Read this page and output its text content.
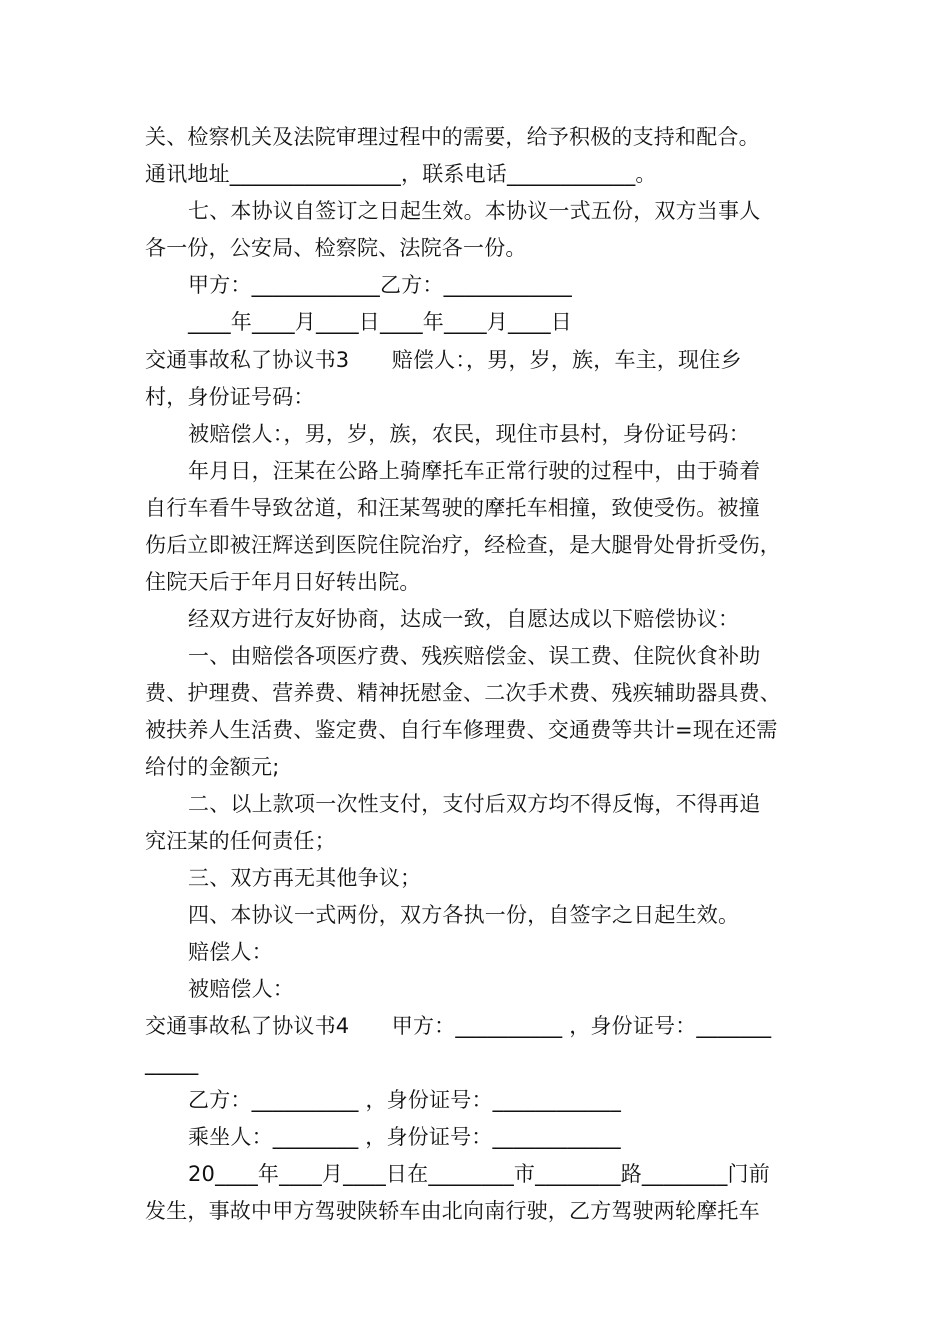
关、检察机关及法院审理过程中的需要，给予积极的支持和配合。
通讯地址________________，联系电话____________。
七、本协议自签订之日起生效。本协议一式五份，双方当事人
各一份，公安局、检察院、法院各一份。
甲方：____________乙方：____________
____年____月____日____年____月____日
交通事故私了协议书3　　赔偿人：，男，岁，族，车主，现住乡
村，身份证号码：
被赔偿人：，男，岁，族，农民，现住市县村，身份证号码：
年月日，汪某在公路上骑摩托车正常行驶的过程中，由于骑着
自行车看牛导致岔道，和汪某驾驶的摩托车相撞，致使受伤。被撞
伤后立即被汪辉送到医院住院治疗，经检查，是大腿骨处骨折受伤，
住院天后于年月日好转出院。
经双方进行友好协商，达成一致，自愿达成以下赔偿协议：
一、由赔偿各项医疗费、残疾赔偿金、误工费、住院伙食补助
费、护理费、营养费、精神抚慰金、二次手术费、残疾辅助器具费、
被扶养人生活费、鉴定费、自行车修理费、交通费等共计=现在还需
给付的金额元;
二、以上款项一次性支付，支付后双方均不得反悔，不得再追
究汪某的任何责任；
三、双方再无其他争议；
四、本协议一式两份，双方各执一份，自签字之日起生效。
赔偿人：
被赔偿人：
交通事故私了协议书4　　甲方：__________ ，身份证号：_______
_____
乙方：__________ ，身份证号：____________
乘坐人：________ ，身份证号：____________
20____年____月____日在________市________路________门前
发生，事故中甲方驾驶陕轿车由北向南行驶，乙方驾驶两轮摩托车
